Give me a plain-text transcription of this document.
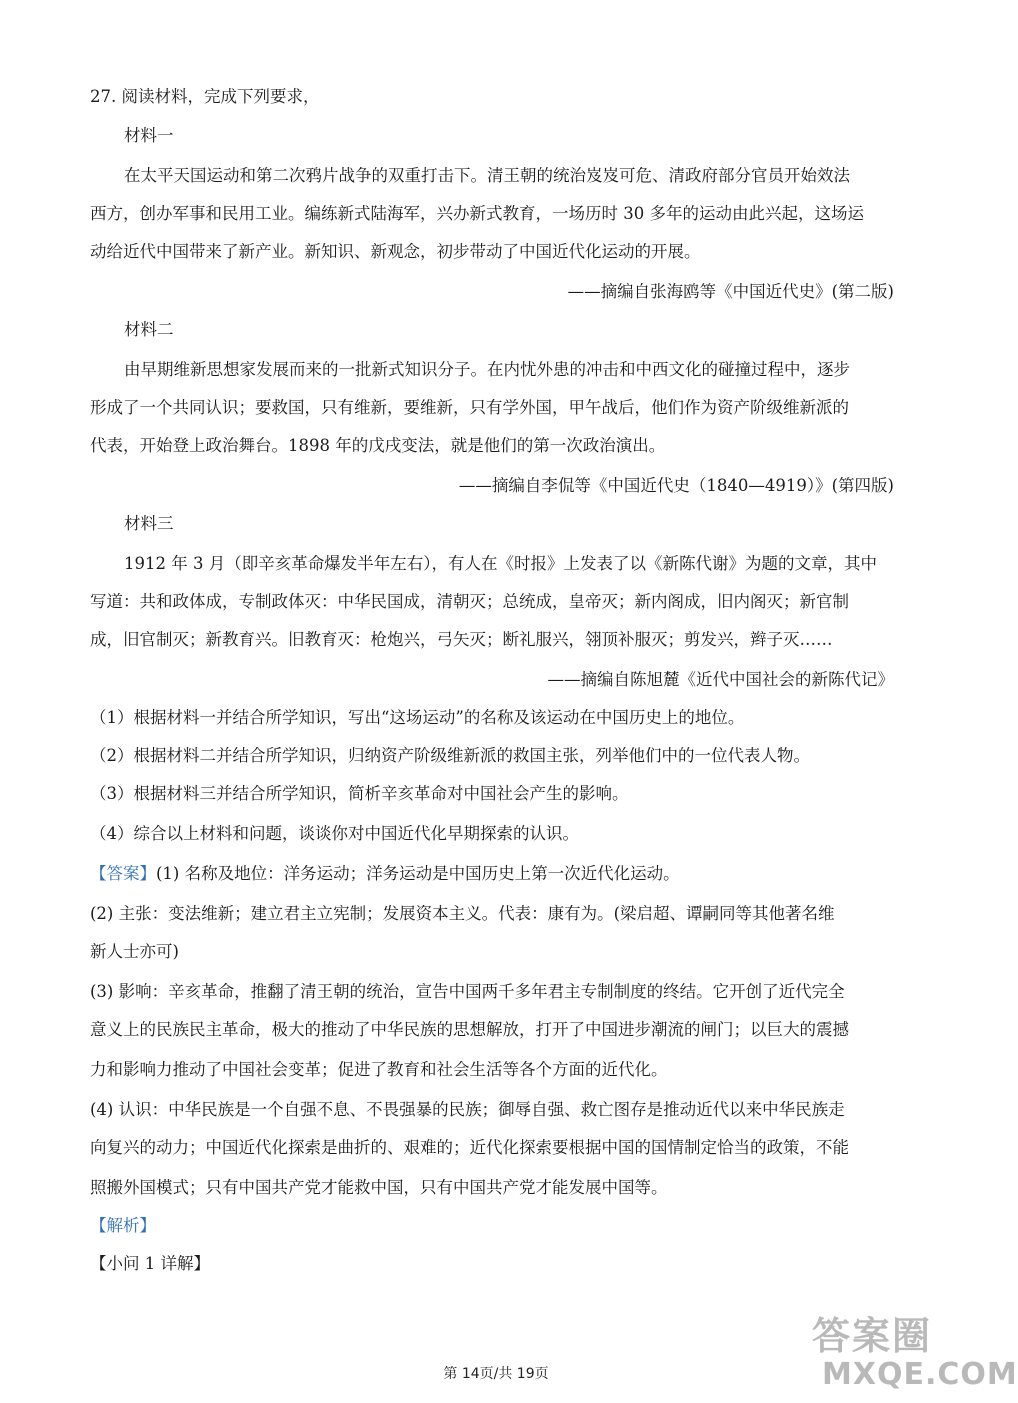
27. 阅读材料，完成下列要求，
材料一
在太平天国运动和第二次鸦片战争的双重打击下。清王朝的统治岌岌可危、清政府部分官员开始效法
西方，创办军事和民用工业。编练新式陆海军，兴办新式教育，一场历时 30 多年的运动由此兴起，这场运
动给近代中国带来了新产业。新知识、新观念，初步带动了中国近代化运动的开展。
——摘编自张海鸥等《中国近代史》(第二版)
材料二
由早期维新思想家发展而来的一批新式知识分子。在内忧外患的冲击和中西文化的碰撞过程中，逐步
形成了一个共同认识；要救国，只有维新，要维新，只有学外国，甲午战后，他们作为资产阶级维新派的
代表，开始登上政治舞台。1898 年的戊戌变法，就是他们的第一次政治演出。
——摘编自李侃等《中国近代史（1840—4919）》(第四版)
材料三
1912 年 3 月（即辛亥革命爆发半年左右），有人在《时报》上发表了以《新陈代谢》为题的文章，其中
写道：共和政体成，专制政体灭：中华民国成，清朝灭；总统成，皇帝灭；新内阁成，旧内阁灭；新官制
成，旧官制灭；新教育兴。旧教育灭：枪炮兴，弓矢灭；断礼服兴，翎顶补服灭；剪发兴，辫子灭……
——摘编自陈旭麓《近代中国社会的新陈代记》
（1）根据材料一并结合所学知识，写出“这场运动”的名称及该运动在中国历史上的地位。
（2）根据材料二并结合所学知识，归纳资产阶级维新派的救国主张，列举他们中的一位代表人物。
（3）根据材料三并结合所学知识，简析辛亥革命对中国社会产生的影响。
（4）综合以上材料和问题，谈谈你对中国近代化早期探索的认识。
【答案】(1) 名称及地位：洋务运动；洋务运动是中国历史上第一次近代化运动。
(2) 主张：变法维新；建立君主立宪制；发展资本主义。代表：康有为。(梁启超、谭嗣同等其他著名维
新人士亦可)
(3) 影响：辛亥革命，推翻了清王朝的统治，宣告中国两千多年君主专制制度的终结。它开创了近代完全
意义上的民族民主革命，极大的推动了中华民族的思想解放，打开了中国进步潮流的闸门；以巨大的震撼
力和影响力推动了中国社会变革；促进了教育和社会生活等各个方面的近代化。
(4) 认识：中华民族是一个自强不息、不畏强暴的民族；御辱自强、救亡图存是推动近代以来中华民族走
向复兴的动力；中国近代化探索是曲折的、艰难的；近代化探索要根据中国的国情制定恰当的政策，不能
照搬外国模式；只有中国共产党才能救中国，只有中国共产党才能发展中国等。
【解析】
【小问 1 详解】
第 14页/共 19页
答案圈
MXQE.COM
